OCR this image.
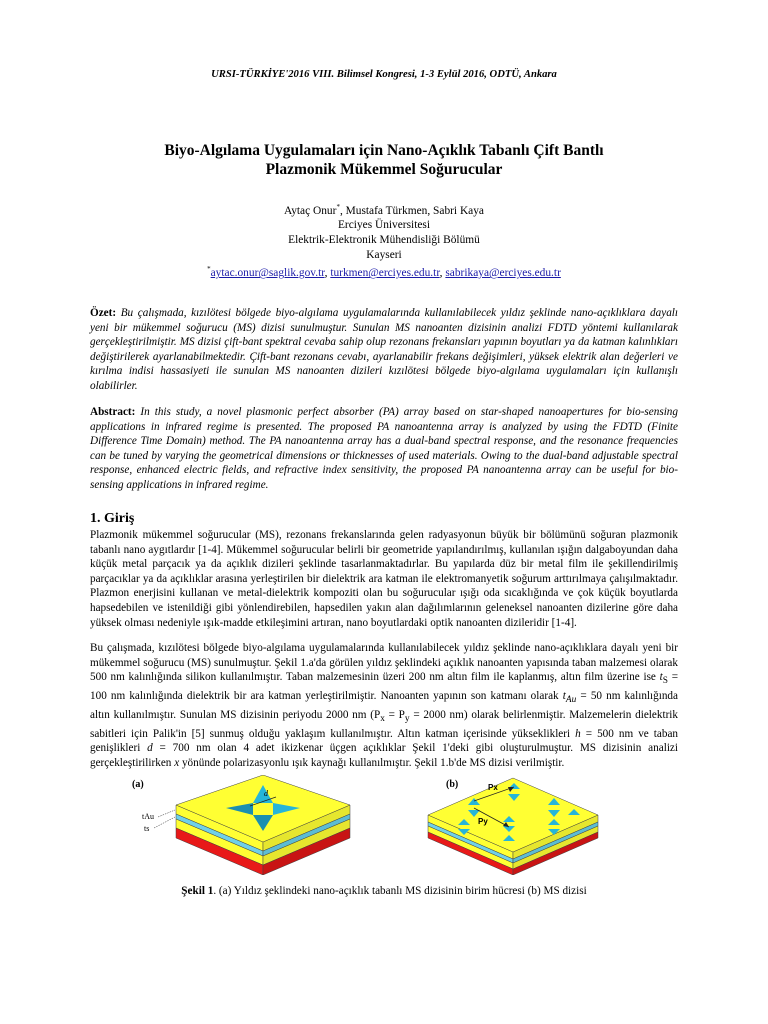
URSI-TÜRKİYE'2016 VIII. Bilimsel Kongresi, 1-3 Eylül 2016, ODTÜ, Ankara
Biyo-Algılama Uygulamaları için Nano-Açıklık Tabanlı Çift Bantlı
Plazmonik Mükemmel Soğurucular
Aytaç Onur*, Mustafa Türkmen, Sabri Kaya
Erciyes Üniversitesi
Elektrik-Elektronik Mühendisliği Bölümü
Kayseri
*aytac.onur@saglik.gov.tr, turkmen@erciyes.edu.tr, sabrikaya@erciyes.edu.tr
Özet: Bu çalışmada, kızılötesi bölgede biyo-algılama uygulamalarında kullanılabilecek yıldız şeklinde nano-açıklıklara dayalı yeni bir mükemmel soğurucu (MS) dizisi sunulmuştur. Sunulan MS nanoanten dizisinin analizi FDTD yöntemi kullanılarak gerçekleştirilmiştir. MS dizisi çift-bant spektral cevaba sahip olup rezonans frekansları yapının boyutları ya da katman kalınlıkları değiştirilerek ayarlanabilmektedir. Çift-bant rezonans cevabı, ayarlanabilir frekans değişimleri, yüksek elektrik alan değerleri ve kırılma indisi hassasiyeti ile sunulan MS nanoanten dizileri kızılötesi bölgede biyo-algılama uygulamaları için kullanışlı olabilirler.
Abstract: In this study, a novel plasmonic perfect absorber (PA) array based on star-shaped nanoapertures for bio-sensing applications in infrared regime is presented. The proposed PA nanoantenna array is analyzed by using the FDTD (Finite Difference Time Domain) method. The PA nanoantenna array has a dual-band spectral response, and the resonance frequencies can be tuned by varying the geometrical dimensions or thicknesses of used materials. Owing to the dual-band adjustable spectral response, enhanced electric fields, and refractive index sensitivity, the proposed PA nanoantenna array can be useful for bio-sensing applications in infrared regime.
1. Giriş
Plazmonik mükemmel soğurucular (MS), rezonans frekanslarında gelen radyasyonun büyük bir bölümünü soğuran plazmonik tabanlı nano aygıtlardır [1-4]. Mükemmel soğurucular belirli bir geometride yapılandırılmış, kullanılan ışığın dalgaboyundan daha küçük metal parçacık ya da açıklık dizileri şeklinde tasarlanmaktadırlar. Bu yapılarda düz bir metal film ile şekillendirilmiş parçacıklar ya da açıklıklar arasına yerleştirilen bir dielektrik ara katman ile elektromanyetik soğurum arttırılmaya çalışılmaktadır. Plazmon enerjisini kullanan ve metal-dielektrik kompoziti olan bu soğurucular ışığı oda sıcaklığında ve çok küçük boyutlarda hapsedebilen ve istenildiği gibi yönlendirebilen, hapsedilen yakın alan dağılımlarının geleneksel nanoanten dizilerine göre daha yüksek olması nedeniyle ışık-madde etkileşimini artıran, nano boyutlardaki optik nanoanten dizileridir [1-4].
Bu çalışmada, kızılötesi bölgede biyo-algılama uygulamalarında kullanılabilecek yıldız şeklinde nano-açıklıklara dayalı yeni bir mükemmel soğurucu (MS) sunulmuştur. Şekil 1.a'da görülen yıldız şeklindeki açıklık nanoanten yapısında taban malzemesi olarak 500 nm kalınlığında silikon kullanılmıştır. Taban malzemesinin üzeri 200 nm altın film ile kaplanmış, altın film üzerine ise $t_S = 100$ nm kalınlığında dielektrik bir ara katman yerleştirilmiştir. Nanoanten yapının son katmanı olarak $t_{Au} = 50$ nm kalınlığında altın kullanılmıştır. Sunulan MS dizisinin periyodu 2000 nm ($P_x = P_y = 2000$ nm) olarak belirlenmiştir. Malzemelerin dielektrik sabitleri için Palik'in [5] sunmuş olduğu yaklaşım kullanılmıştır. Altın katman içerisinde yükseklikleri h = 500 nm ve taban genişlikleri d = 700 nm olan 4 adet ikizkenar üçgen açıklıklar Şekil 1'deki gibi oluşturulmuştur. MS dizisinin analizi gerçekleştirilirken x yönünde polarizasyonlu ışık kaynağı kullanılmıştır. Şekil 1.b'de MS dizisi verilmiştir.
(a)
d
tAu
ts
(b)	Px
Py
Şekil 1. (a) Yıldız şeklindeki nano-açıklık tabanlı MS dizisinin birim hücresi (b) MS dizisi
